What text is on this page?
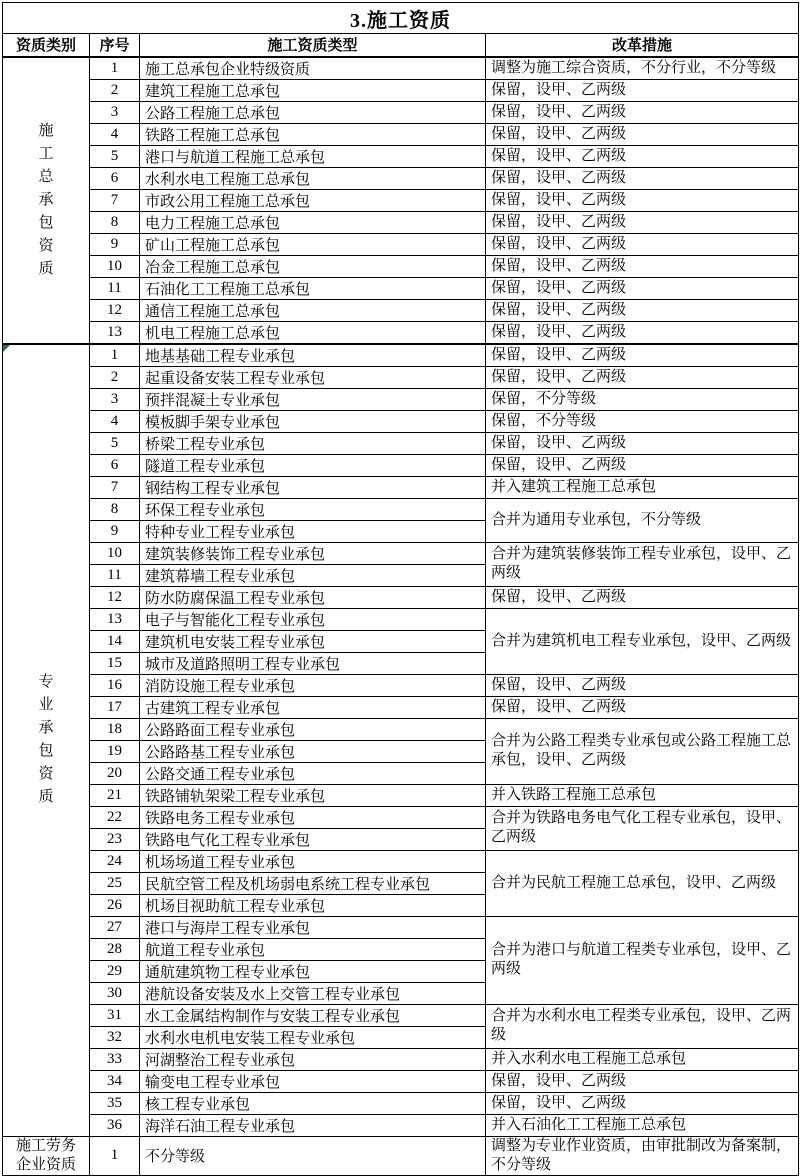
3.施工资质			
资质类别	序号	施工资质类型	改革措施

施工总承包资质	1	施工总承包企业特级资质	调整为施工综合资质，不分行业，不分等级
	2	建筑工程施工总承包	保留，设甲、乙两级
	3	公路工程施工总承包	保留，设甲、乙两级
	4	铁路工程施工总承包	保留，设甲、乙两级
	5	港口与航道工程施工总承包	保留，设甲、乙两级
	6	水利水电工程施工总承包	保留，设甲、乙两级
	7	市政公用工程施工总承包	保留，设甲、乙两级
	8	电力工程施工总承包	保留，设甲、乙两级
	9	矿山工程施工总承包	保留，设甲、乙两级
	10	冶金工程施工总承包	保留，设甲、乙两级
	11	石油化工工程施工总承包	保留，设甲、乙两级
	12	通信工程施工总承包	保留，设甲、乙两级
	13	机电工程施工总承包	保留，设甲、乙两级

专业承包资质	1	地基基础工程专业承包	保留，设甲、乙两级
	2	起重设备安装工程专业承包	保留，设甲、乙两级
	3	预拌混凝土专业承包	保留，不分等级
	4	模板脚手架专业承包	保留，不分等级
	5	桥梁工程专业承包	保留，设甲、乙两级
	6	隧道工程专业承包	保留，设甲、乙两级
	7	钢结构工程专业承包	并入建筑工程施工总承包
	8	环保工程专业承包	合并为通用专业承包，不分等级
	9	特种专业工程专业承包	
	10	建筑装修装饰工程专业承包	合并为建筑装修装饰工程专业承包，设甲、乙两级
	11	建筑幕墙工程专业承包	
	12	防水防腐保温工程专业承包	保留，设甲、乙两级
	13	电子与智能化工程专业承包	合并为建筑机电工程专业承包，设甲、乙两级
	14	建筑机电安装工程专业承包	
	15	城市及道路照明工程专业承包	
	16	消防设施工程专业承包	保留，设甲、乙两级
	17	古建筑工程专业承包	保留，设甲、乙两级
	18	公路路面工程专业承包	合并为公路工程类专业承包或公路工程施工总承包，设甲、乙两级
	19	公路路基工程专业承包	
	20	公路交通工程专业承包	
	21	铁路铺轨架梁工程专业承包	并入铁路工程施工总承包
	22	铁路电务工程专业承包	合并为铁路电务电气化工程专业承包，设甲、乙两级
	23	铁路电气化工程专业承包	
	24	机场场道工程专业承包	合并为民航工程施工总承包，设甲、乙两级
	25	民航空管工程及机场弱电系统工程专业承包	
	26	机场目视助航工程专业承包	
	27	港口与海岸工程专业承包	合并为港口与航道工程类专业承包，设甲、乙两级
	28	航道工程专业承包	
	29	通航建筑物工程专业承包	
	30	港航设备安装及水上交管工程专业承包	
	31	水工金属结构制作与安装工程专业承包	合并为水利水电工程类专业承包，设甲、乙两级
	32	水利水电机电安装工程专业承包	
	33	河湖整治工程专业承包	并入水利水电工程施工总承包
	34	输变电工程专业承包	保留，设甲、乙两级
	35	核工程专业承包	保留，设甲、乙两级
	36	海洋石油工程专业承包	并入石油化工工程施工总承包

施工劳务企业资质	1	不分等级	调整为专业作业资质，由审批制改为备案制，不分等级
